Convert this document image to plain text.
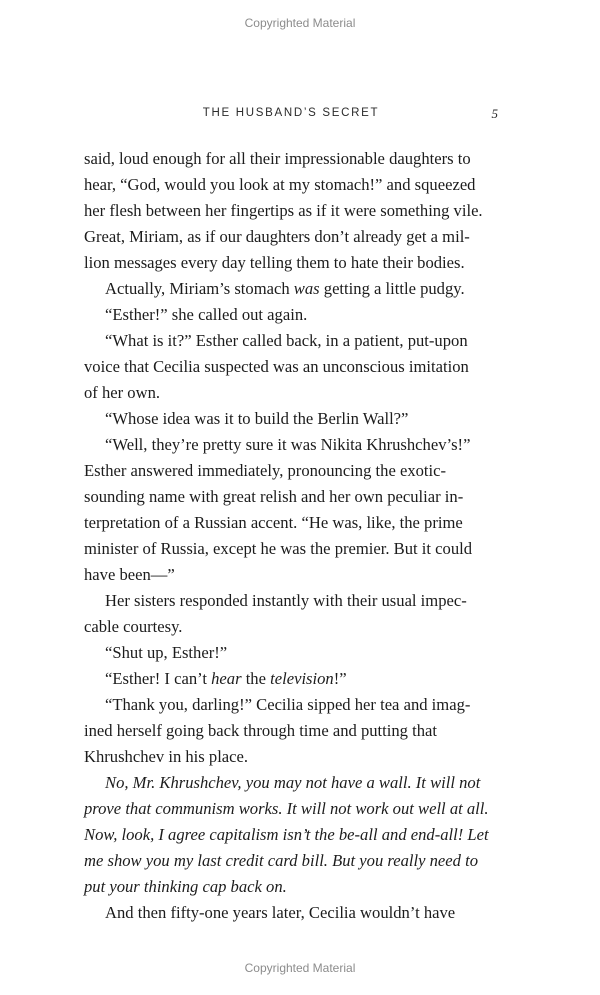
Copyrighted Material
THE HUSBAND’S SECRET	5
said, loud enough for all their impressionable daughters to
hear, “God, would you look at my stomach!” and squeezed
her flesh between her fingertips as if it were something vile.
Great, Miriam, as if our daughters don’t already get a mil-
lion messages every day telling them to hate their bodies.
Actually, Miriam’s stomach was getting a little pudgy.
“Esther!” she called out again.
“What is it?” Esther called back, in a patient, put-upon
voice that Cecilia suspected was an unconscious imitation
of her own.
“Whose idea was it to build the Berlin Wall?”
“Well, they’re pretty sure it was Nikita Khrushchev’s!”
Esther answered immediately, pronouncing the exotic-
sounding name with great relish and her own peculiar in-
terpretation of a Russian accent. “He was, like, the prime
minister of Russia, except he was the premier. But it could
have been—”
Her sisters responded instantly with their usual impec-
cable courtesy.
“Shut up, Esther!”
“Esther! I can’t hear the television!”
“Thank you, darling!” Cecilia sipped her tea and imag-
ined herself going back through time and putting that
Khrushchev in his place.
No, Mr. Khrushchev, you may not have a wall. It will not
prove that communism works. It will not work out well at all.
Now, look, I agree capitalism isn’t the be-all and end-all! Let
me show you my last credit card bill. But you really need to
put your thinking cap back on.
And then fifty-one years later, Cecilia wouldn’t have
Copyrighted Material
